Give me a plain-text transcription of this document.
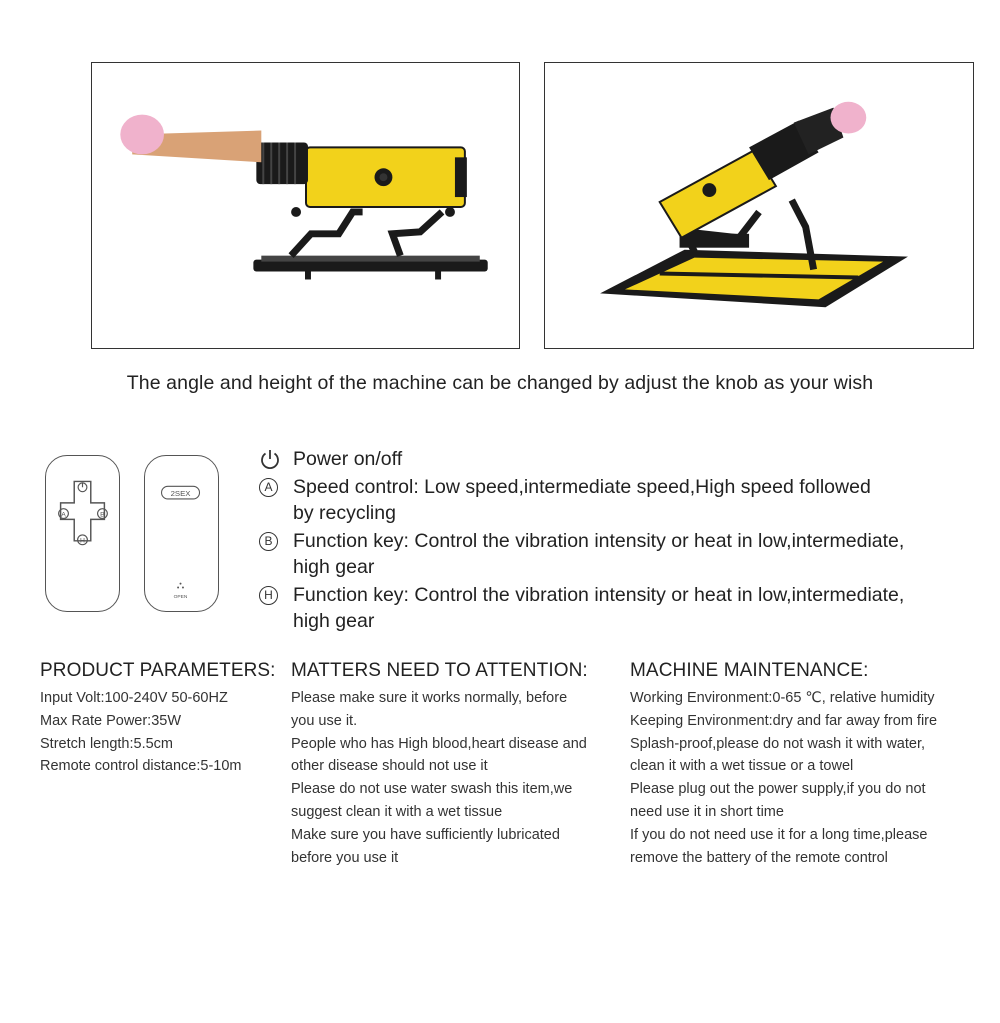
The angle and height of the machine can be changed by adjust the knob as your wish
A	B
H
2SEX
OPEN
Power on/off
A Speed control: Low speed,intermediate speed,High speed followed
by recycling
B Function key: Control the vibration intensity or heat in low,intermediate,
high gear
H Function key: Control the vibration intensity or heat in low,intermediate,
high gear
PRODUCT PARAMETERS:
Input Volt:100-240V 50-60HZ
Max Rate Power:35W
Stretch length:5.5cm
Remote control distance:5-10m
MATTERS NEED TO ATTENTION:
Please make sure it works normally, before
you use it.
People who has High blood,heart disease and
other disease should not use it
Please do not use water swash this item,we
suggest clean it with a wet tissue
Make sure you have sufficiently lubricated
before you use it
MACHINE MAINTENANCE:
Working Environment:0-65 ℃, relative humidity
Keeping Environment:dry and far away from fire
Splash-proof,please do not wash it with water,
clean it with a wet tissue or a towel
Please plug out the power supply,if you do not
need use it in short time
If you do not need use it for a long time,please
remove the battery of the remote control
